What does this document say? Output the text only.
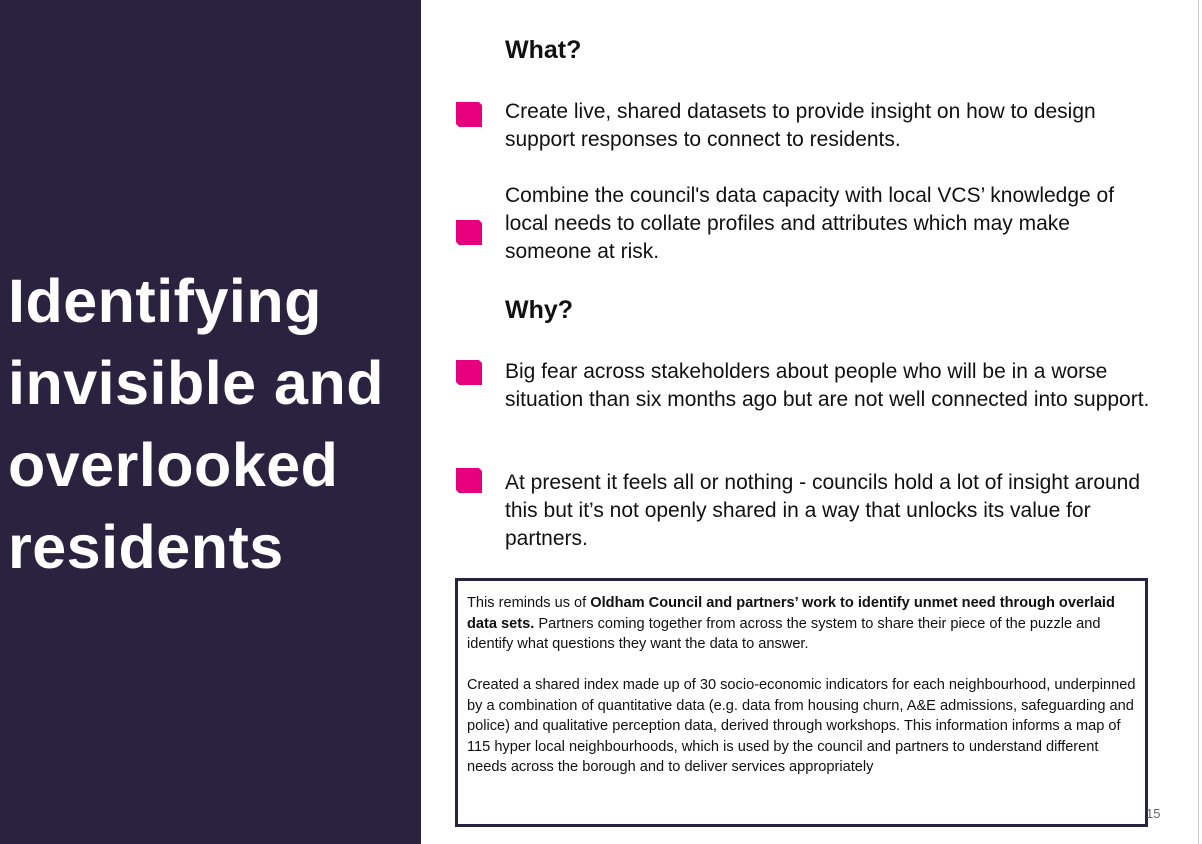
Identifying
invisible and
overlooked
residents
What?

Create live, shared datasets to provide insight on how to design support responses to connect to residents.

Combine the council's data capacity with local VCS’ knowledge of local needs to collate profiles and attributes which may make someone at risk.

Why?

Big fear across stakeholders about people who will be in a worse situation than six months ago but are not well connected into support.

At present it feels all or nothing - councils hold a lot of insight around this but it’s not openly shared in a way that unlocks its value for partners.

This reminds us of Oldham Council and partners’ work to identify unmet need through overlaid data sets. Partners coming together from across the system to share their piece of the puzzle and identify what questions they want the data to answer.

Created a shared index made up of 30 socio-economic indicators for each neighbourhood, underpinned by a combination of quantitative data (e.g. data from housing churn, A&E admissions, safeguarding and police) and qualitative perception data, derived through workshops. This information informs a map of 115 hyper local neighbourhoods, which is used by the council and partners to understand different needs across the borough and to deliver services appropriately

15
